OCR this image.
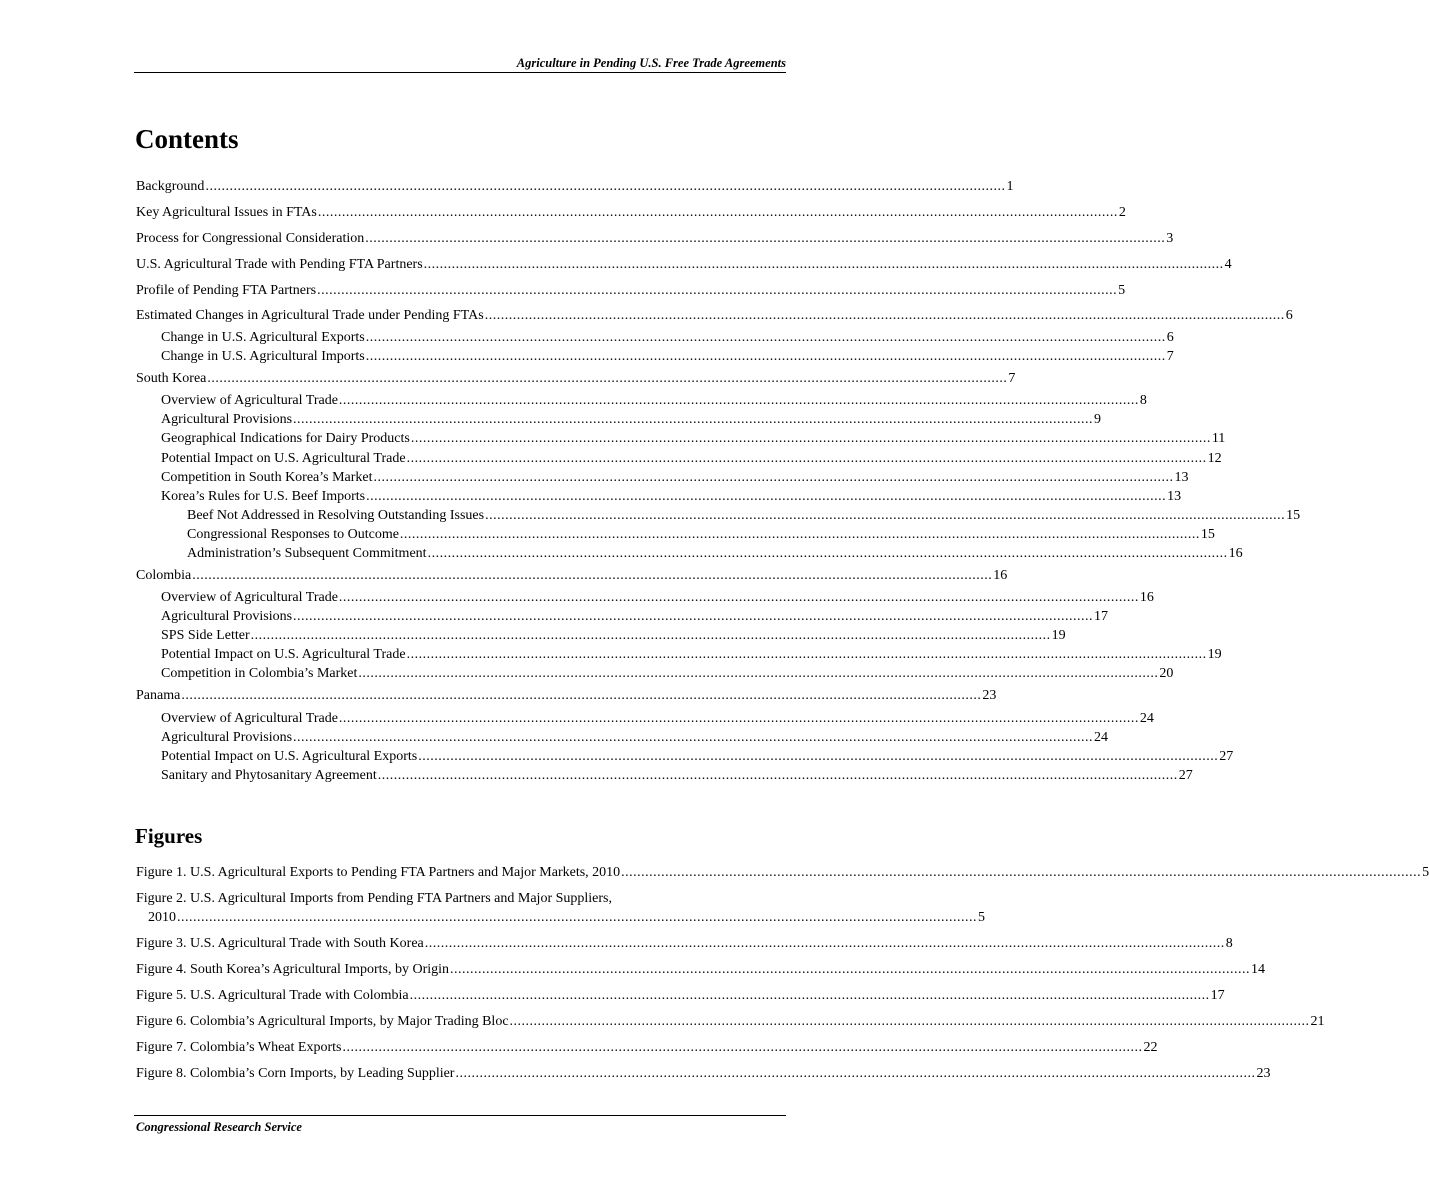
Agriculture in Pending U.S. Free Trade Agreements
Contents
Background ........................................................................................................................................................................................................ 1
Key Agricultural Issues in FTAs ........................................................................................................................................................................................................ 2
Process for Congressional Consideration ........................................................................................................................................................................................................ 3
U.S. Agricultural Trade with Pending FTA Partners ........................................................................................................................................................................................................ 4
Profile of Pending FTA Partners ........................................................................................................................................................................................................ 5
Estimated Changes in Agricultural Trade under Pending FTAs ........................................................................................................................................................................................................ 6
Change in U.S. Agricultural Exports ........................................................................................................................................................................................................ 6
Change in U.S. Agricultural Imports ........................................................................................................................................................................................................ 7
South Korea ........................................................................................................................................................................................................ 7
Overview of Agricultural Trade ........................................................................................................................................................................................................ 8
Agricultural Provisions ........................................................................................................................................................................................................ 9
Geographical Indications for Dairy Products ........................................................................................................................................................................................................ 11
Potential Impact on U.S. Agricultural Trade ........................................................................................................................................................................................................ 12
Competition in South Korea’s Market ........................................................................................................................................................................................................ 13
Korea’s Rules for U.S. Beef Imports ........................................................................................................................................................................................................ 13
Beef Not Addressed in Resolving Outstanding Issues ........................................................................................................................................................................................................ 15
Congressional Responses to Outcome ........................................................................................................................................................................................................ 15
Administration’s Subsequent Commitment ........................................................................................................................................................................................................ 16
Colombia ........................................................................................................................................................................................................ 16
Overview of Agricultural Trade ........................................................................................................................................................................................................ 16
Agricultural Provisions ........................................................................................................................................................................................................ 17
SPS Side Letter ........................................................................................................................................................................................................ 19
Potential Impact on U.S. Agricultural Trade ........................................................................................................................................................................................................ 19
Competition in Colombia’s Market ........................................................................................................................................................................................................ 20
Panama ........................................................................................................................................................................................................ 23
Overview of Agricultural Trade ........................................................................................................................................................................................................ 24
Agricultural Provisions ........................................................................................................................................................................................................ 24
Potential Impact on U.S. Agricultural Exports ........................................................................................................................................................................................................ 27
Sanitary and Phytosanitary Agreement ........................................................................................................................................................................................................ 27
Figures
Figure 1. U.S. Agricultural Exports to Pending FTA Partners and Major Markets, 2010 ........................................................................................................................................................................................................ 5
Figure 2. U.S. Agricultural Imports from Pending FTA Partners and Major Suppliers,
2010 ........................................................................................................................................................................................................ 5
Figure 3. U.S. Agricultural Trade with South Korea ........................................................................................................................................................................................................ 8
Figure 4. South Korea’s Agricultural Imports, by Origin ........................................................................................................................................................................................................ 14
Figure 5. U.S. Agricultural Trade with Colombia ........................................................................................................................................................................................................ 17
Figure 6. Colombia’s Agricultural Imports, by Major Trading Bloc ........................................................................................................................................................................................................ 21
Figure 7. Colombia’s Wheat Exports ........................................................................................................................................................................................................ 22
Figure 8. Colombia’s Corn Imports, by Leading Supplier ........................................................................................................................................................................................................ 23
Congressional Research Service
